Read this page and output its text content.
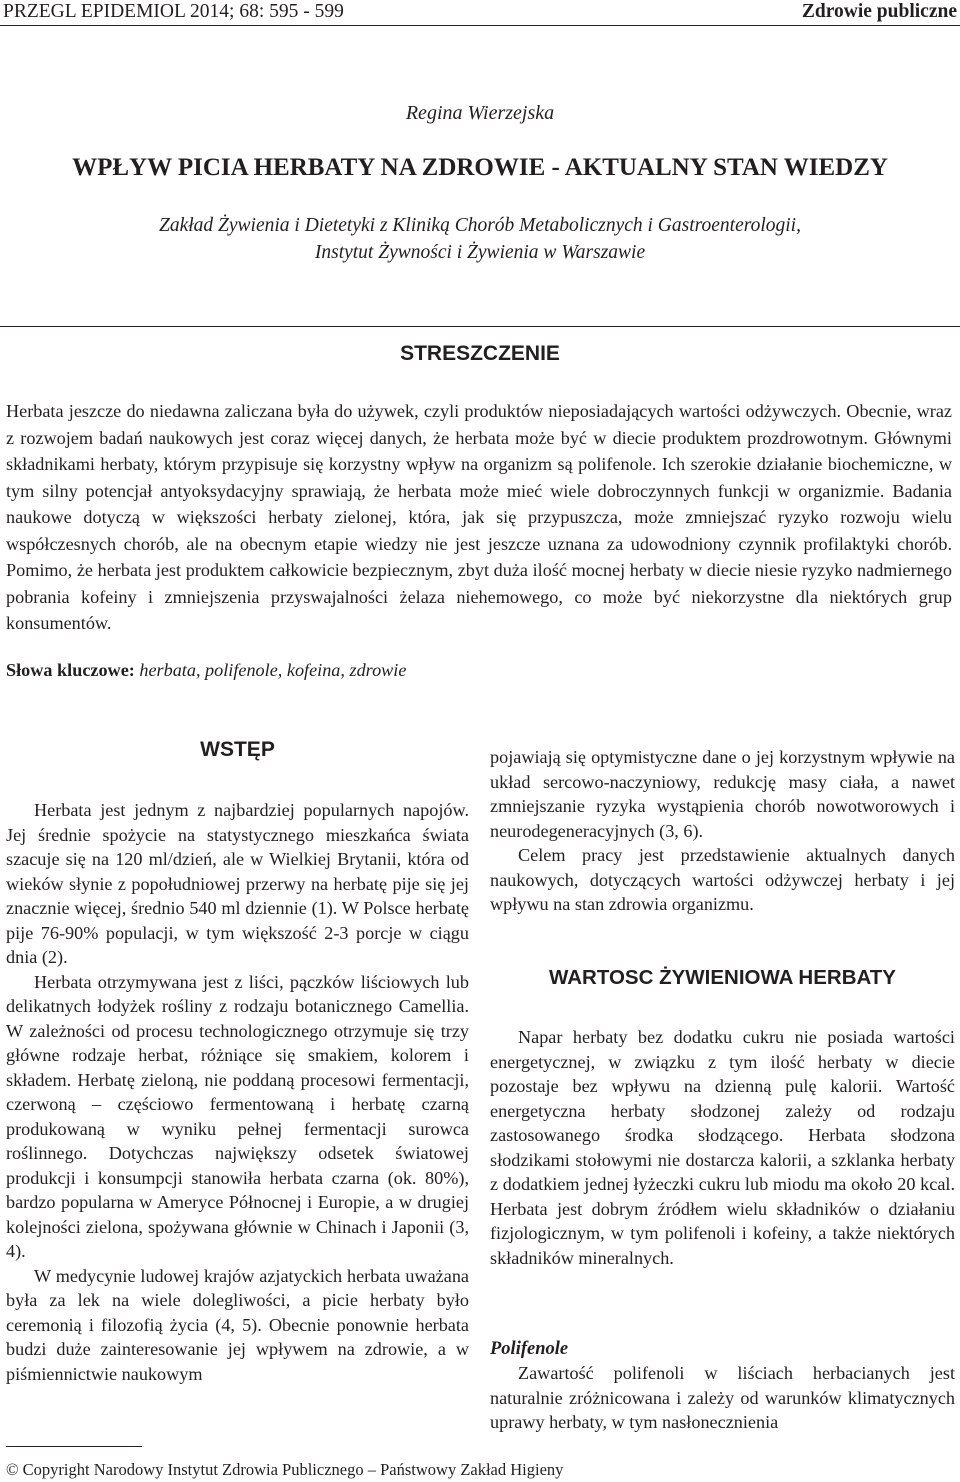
PRZEGL EPIDEMIOL 2014; 68: 595 - 599	Zdrowie publiczne
Regina Wierzejska
WPŁYW PICIA HERBATY NA ZDROWIE - AKTUALNY STAN WIEDZY
Zakład Żywienia i Dietetyki z Kliniką Chorób Metabolicznych i Gastroenterologii,
Instytut Żywności i Żywienia w Warszawie
STRESZCZENIE

Herbata jeszcze do niedawna zaliczana była do używek, czyli produktów nieposiadających wartości odżywczych. Obecnie, wraz z rozwojem badań naukowych jest coraz więcej danych, że herbata może być w diecie produktem prozdrowotnym. Głównymi składnikami herbaty, którym przypisuje się korzystny wpływ na organizm są polifenole. Ich szerokie działanie biochemiczne, w tym silny potencjał antyoksydacyjny sprawiają, że herbata może mieć wiele dobroczynnych funkcji w organizmie. Badania naukowe dotyczą w większości herbaty zielonej, która, jak się przypuszcza, może zmniejszać ryzyko rozwoju wielu współczesnych chorób, ale na obecnym etapie wiedzy nie jest jeszcze uznana za udowodniony czynnik profilaktyki chorób. Pomimo, że herbata jest produktem całkowicie bezpiecznym, zbyt duża ilość mocnej herbaty w diecie niesie ryzyko nadmiernego pobrania kofeiny i zmniejszenia przyswajalności żelaza niehemowego, co może być niekorzystne dla niektórych grup konsumentów.

Słowa kluczowe: herbata, polifenole, kofeina, zdrowie
WSTĘP

Herbata jest jednym z najbardziej popularnych napojów. Jej średnie spożycie na statystycznego mieszkańca świata szacuje się na 120 ml/dzień, ale w Wielkiej Brytanii, która od wieków słynie z popołudniowej przerwy na herbatę pije się jej znacznie więcej, średnio 540 ml dziennie (1). W Polsce herbatę pije 76-90% populacji, w tym większość 2-3 porcje w ciągu dnia (2).

Herbata otrzymywana jest z liści, pączków liściowych lub delikatnych łodyżek rośliny z rodzaju botanicznego Camellia. W zależności od procesu technologicznego otrzymuje się trzy główne rodzaje herbat, różniące się smakiem, kolorem i składem. Herbatę zieloną, nie poddaną procesowi fermentacji, czerwoną – częściowo fermentowaną i herbatę czarną produkowaną w wyniku pełnej fermentacji surowca roślinnego. Dotychczas największy odsetek światowej produkcji i konsumpcji stanowiła herbata czarna (ok. 80%), bardzo popularna w Ameryce Północnej i Europie, a w drugiej kolejności zielona, spożywana głównie w Chinach i Japonii (3, 4).

W medycynie ludowej krajów azjatyckich herbata uważana była za lek na wiele dolegliwości, a picie herbaty było ceremonią i filozofią życia (4, 5). Obecnie ponownie herbata budzi duże zainteresowanie jej wpływem na zdrowie, a w piśmiennictwie naukowym

pojawiają się optymistyczne dane o jej korzystnym wpływie na układ sercowo-naczyniowy, redukcję masy ciała, a nawet zmniejszanie ryzyka wystąpienia chorób nowotworowych i neurodegeneracyjnych (3, 6).

Celem pracy jest przedstawienie aktualnych danych naukowych, dotyczących wartości odżywczej herbaty i jej wpływu na stan zdrowia organizmu.

WARTOSC ŻYWIENIOWA HERBATY

Napar herbaty bez dodatku cukru nie posiada wartości energetycznej, w związku z tym ilość herbaty w diecie pozostaje bez wpływu na dzienną pulę kalorii. Wartość energetyczna herbaty słodzonej zależy od rodzaju zastosowanego środka słodzącego. Herbata słodzona słodzikami stołowymi nie dostarcza kalorii, a szklanka herbaty z dodatkiem jednej łyżeczki cukru lub miodu ma około 20 kcal. Herbata jest dobrym źródłem wielu składników o działaniu fizjologicznym, w tym polifenoli i kofeiny, a także niektórych składników mineralnych.

Polifenole

Zawartość polifenoli w liściach herbacianych jest naturalnie zróżnicowana i zależy od warunków klimatycznych uprawy herbaty, w tym nasłonecznienia

© Copyright Narodowy Instytut Zdrowia Publicznego – Państwowy Zakład Higieny
